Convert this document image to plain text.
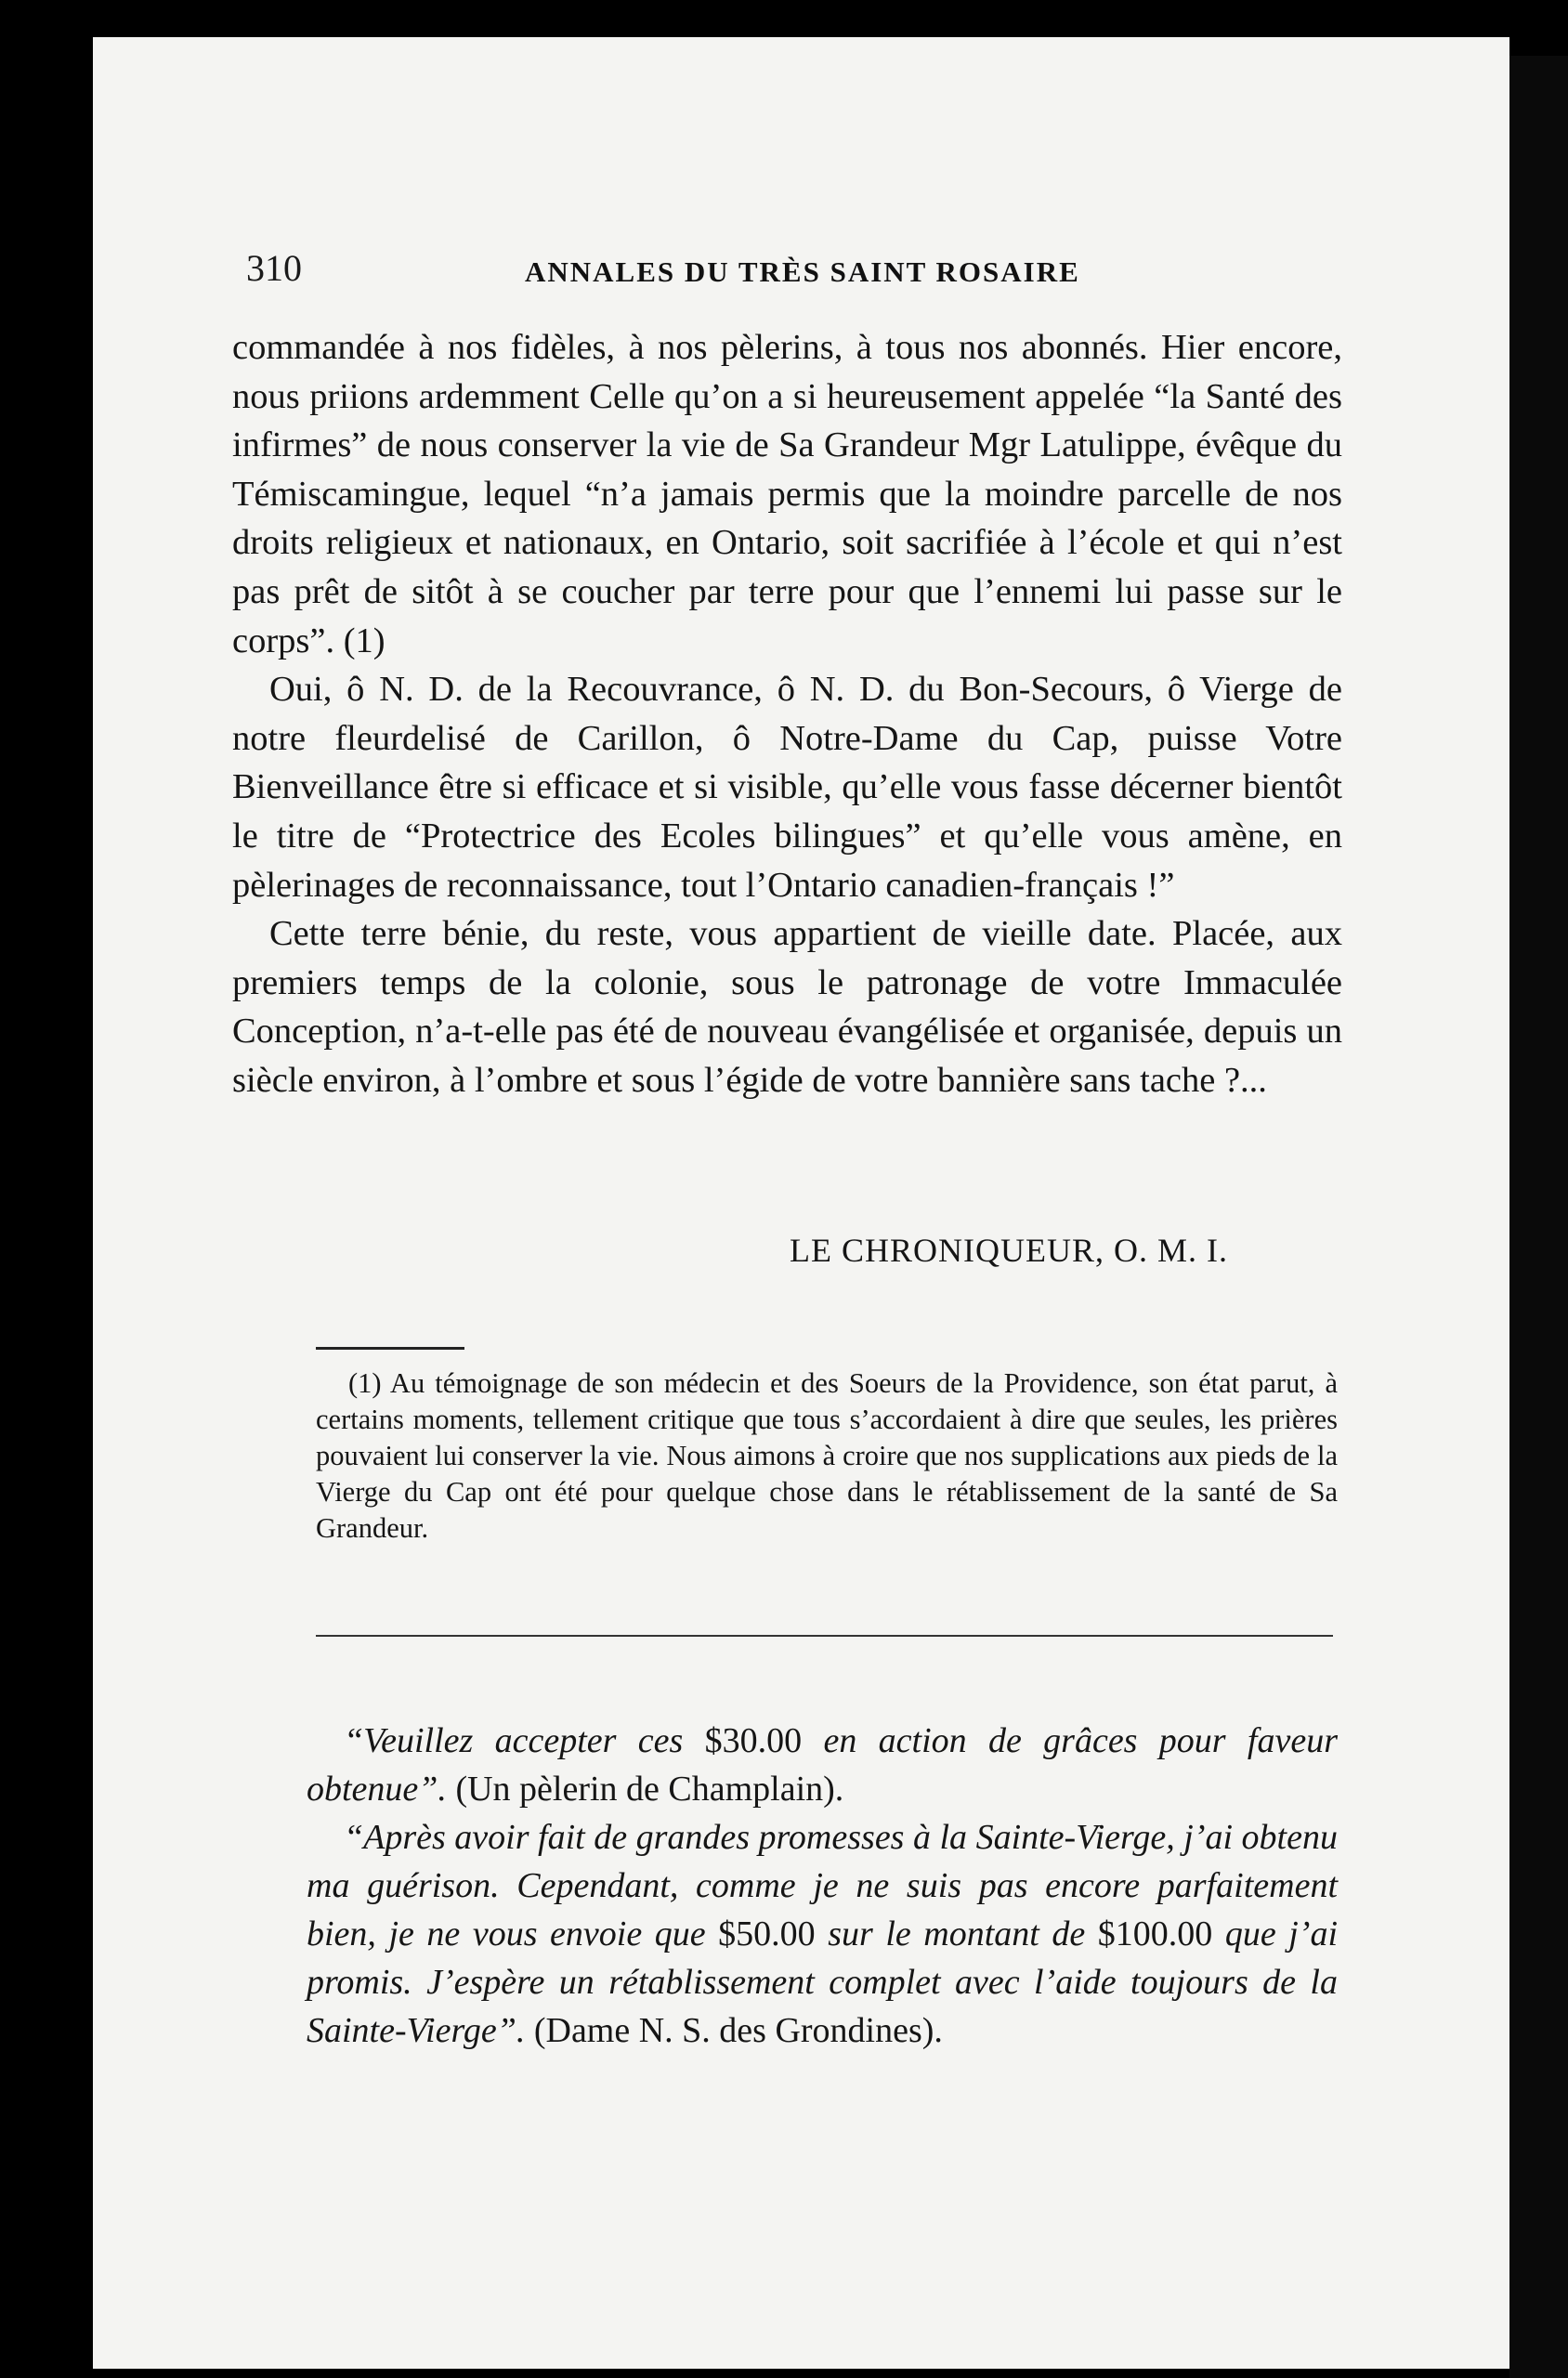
310	ANNALES DU TRÈS SAINT ROSAIRE

commandée à nos fidèles, à nos pèlerins, à tous nos abonnés. Hier encore, nous priions ardemment Celle qu’on a si heureusement appelée “la Santé des infirmes” de nous conserver la vie de Sa Grandeur Mgr Latulippe, évêque du Témiscamingue, lequel “n’a jamais permis que la moindre parcelle de nos droits religieux et nationaux, en Ontario, soit sacrifiée à l’école et qui n’est pas prêt de sitôt à se coucher par terre pour que l’ennemi lui passe sur le corps”. (1)

Oui, ô N. D. de la Recouvrance, ô N. D. du Bon-Secours, ô Vierge de notre fleurdelisé de Carillon, ô Notre-Dame du Cap, puisse Votre Bienveillance être si efficace et si visible, qu’elle vous fasse décerner bientôt le titre de “Protectrice des Ecoles bilingues” et qu’elle vous amène, en pèlerinages de reconnaissance, tout l’Ontario canadien-français !”

Cette terre bénie, du reste, vous appartient de vieille date. Placée, aux premiers temps de la colonie, sous le patronage de votre Immaculée Conception, n’a-t-elle pas été de nouveau évangélisée et organisée, depuis un siècle environ, à l’ombre et sous l’égide de votre bannière sans tache ?...

LE CHRONIQUEUR, O. M. I.
(1) Au témoignage de son médecin et des Soeurs de la Providence, son état parut, à certains moments, tellement critique que tous s’accordaient à dire que seules, les prières pouvaient lui conserver la vie. Nous aimons à croire que nos supplications aux pieds de la Vierge du Cap ont été pour quelque chose dans le rétablissement de la santé de Sa Grandeur.

“Veuillez accepter ces $30.00 en action de grâces pour faveur obtenue”. (Un pèlerin de Champlain).

“Après avoir fait de grandes promesses à la Sainte-Vierge, j’ai obtenu ma guérison. Cependant, comme je ne suis pas encore parfaitement bien, je ne vous envoie que $50.00 sur le montant de $100.00 que j’ai promis. J’espère un rétablissement complet avec l’aide toujours de la Sainte-Vierge”. (Dame N. S. des Grondines).
